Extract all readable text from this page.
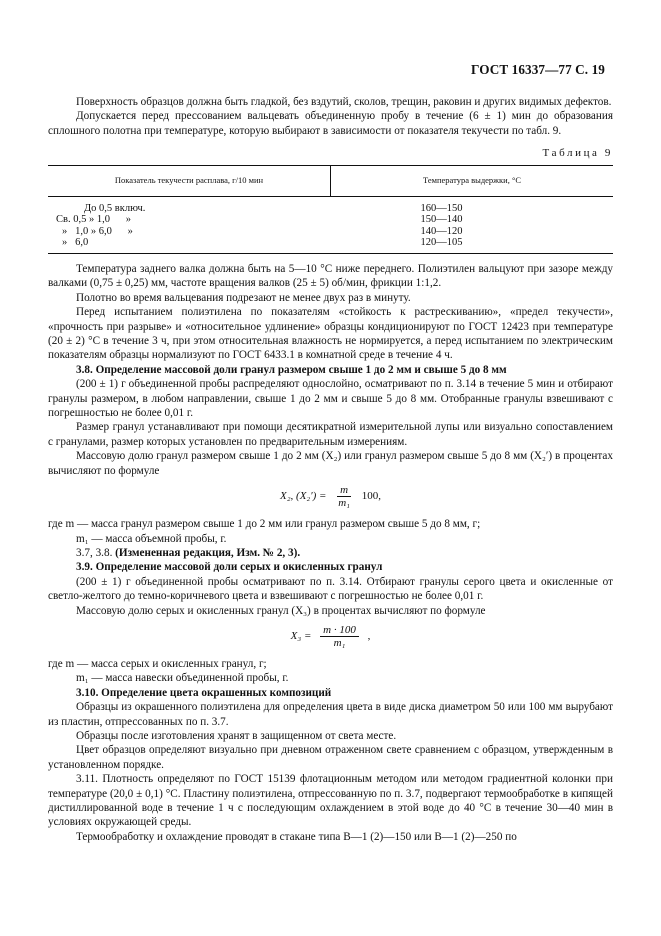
ГОСТ 16337—77 С. 19

Поверхность образцов должна быть гладкой, без вздутий, сколов, трещин, раковин и других видимых дефектов.

Допускается перед прессованием вальцевать объединенную пробу в течение (6 ± 1) мин до образования сплошного полотна при температуре, которую выбирают в зависимости от показателя текучести по табл. 9.

Таблица 9
Показатель текучести расплава, г/10 мин	Температура выдержки, °С
До 0,5 включ.	160—150
Св. 0,5 » 1,0      »	150—140
»   1,0 » 6,0      »	140—120
»   6,0	120—105

Температура заднего валка должна быть на 5—10 °С ниже переднего. Полиэтилен вальцуют при зазоре между валками (0,75 ± 0,25) мм, частоте вращения валков (25 ± 5) об/мин, фрикции 1:1,2.

Полотно во время вальцевания подрезают не менее двух раз в минуту.

Перед испытанием полиэтилена по показателям «стойкость к растрескиванию», «предел текучести», «прочность при разрыве» и «относительное удлинение» образцы кондиционируют по ГОСТ 12423 при температуре (20 ± 2) °С в течение 3 ч, при этом относительная влажность не нормируется, а перед испытанием по электрическим показателям образцы нормализуют по ГОСТ 6433.1 в комнатной среде в течение 4 ч.

3.8. Определение массовой доли гранул размером свыше 1 до 2 мм и свыше 5 до 8 мм

(200 ± 1) г объединенной пробы распределяют однослойно, осматривают по п. 3.14 в течение 5 мин и отбирают гранулы размером, в любом направлении, свыше 1 до 2 мм и свыше 5 до 8 мм. Отобранные гранулы взвешивают с погрешностью не более 0,01 г.

Размер гранул устанавливают при помощи десятикратной измерительной лупы или визуально сопоставлением с гранулами, размер которых установлен по предварительным измерениям.

Массовую долю гранул размером свыше 1 до 2 мм (X₂) или гранул размером свыше 5 до 8 мм (X₂′) в процентах вычисляют по формуле

X₂, $(X_2') = \frac{m}{\text{m₁}} 100$,

где m — масса гранул размером свыше 1 до 2 мм или гранул размером свыше 5 до 8 мм, г;

m₁ — масса объемной пробы, г.

3.7, 3.8. (Измененная редакция, Изм. № 2, 3).

3.9. Определение массовой доли серых и окисленных гранул

(200 ± 1) г объединенной пробы осматривают по п. 3.14. Отбирают гранулы серого цвета и окисленные от светло-желтого до темно-коричневого цвета и взвешивают с погрешностью не более 0,01 г.

Массовую долю серых и окисленных гранул (X₃) в процентах вычисляют по формуле

$X_3 = \frac{m \cdot 100}{\text{m₁}}$ ,

где m — масса серых и окисленных гранул, г;

m₁ — масса навески объединенной пробы, г.

3.10. Определение цвета окрашенных композиций

Образцы из окрашенного полиэтилена для определения цвета в виде диска диаметром 50 или 100 мм вырубают из пластин, отпрессованных по п. 3.7.

Образцы после изготовления хранят в защищенном от света месте.

Цвет образцов определяют визуально при дневном отраженном свете сравнением с образцом, утвержденным в установленном порядке.

3.11. Плотность определяют по ГОСТ 15139 флотационным методом или методом градиентной колонки при температуре (20,0 ± 0,1) °С. Пластину полиэтилена, отпрессованную по п. 3.7, подвергают термообработке в кипящей дистиллированной воде в течение 1 ч с последующим охлаждением в этой воде до 40 °С в течение 30—40 мин в условиях окружающей среды.

Термообработку и охлаждение проводят в стакане типа В—1 (2)—150 или В—1 (2)—250 по
